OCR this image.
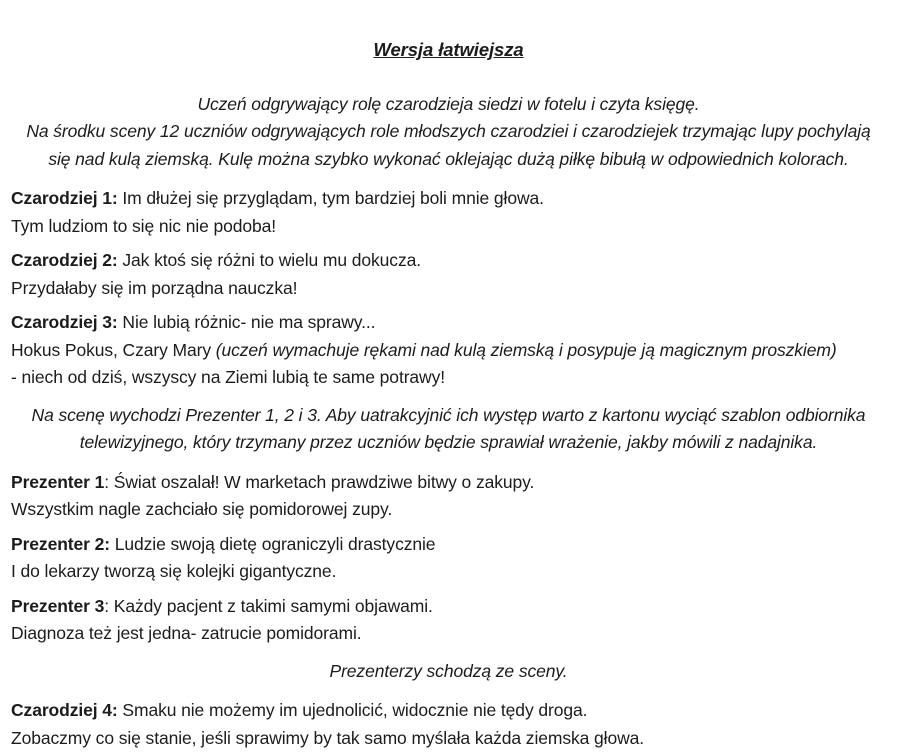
Wersja łatwiejsza

Uczeń odgrywający rolę czarodzieja siedzi w fotelu i czyta księgę.
Na środku sceny 12 uczniów odgrywających role młodszych czarodziei i czarodziejek trzymając lupy pochylają
się nad kulą ziemską. Kulę można szybko wykonać oklejając dużą piłkę bibułą w odpowiednich kolorach.

Czarodziej 1: Im dłużej się przyglądam, tym bardziej boli mnie głowa.
Tym ludziom to się nic nie podoba!

Czarodziej 2: Jak ktoś się różni to wielu mu dokucza.
Przydałaby się im porządna nauczka!

Czarodziej 3: Nie lubią różnic- nie ma sprawy...
Hokus Pokus, Czary Mary (uczeń wymachuje rękami nad kulą ziemską i posypuje ją magicznym proszkiem)
- niech od dziś, wszyscy na Ziemi lubią te same potrawy!

Na scenę wychodzi Prezenter 1, 2 i 3. Aby uatrakcyjnić ich występ warto z kartonu wyciąć szablon odbiornika
telewizyjnego, który trzymany przez uczniów będzie sprawiał wrażenie, jakby mówili z nadajnika.

Prezenter 1: Świat oszalał! W marketach prawdziwe bitwy o zakupy.
Wszystkim nagle zachciało się pomidorowej zupy.

Prezenter 2: Ludzie swoją dietę ograniczyli drastycznie
I do lekarzy tworzą się kolejki gigantyczne.

Prezenter 3: Każdy pacjent z takimi samymi objawami.
Diagnoza też jest jedna- zatrucie pomidorami.

Prezenterzy schodzą ze sceny.

Czarodziej 4: Smaku nie możemy im ujednolicić, widocznie nie tędy droga.
Zobaczmy co się stanie, jeśli sprawimy by tak samo myślała każda ziemska głowa.
